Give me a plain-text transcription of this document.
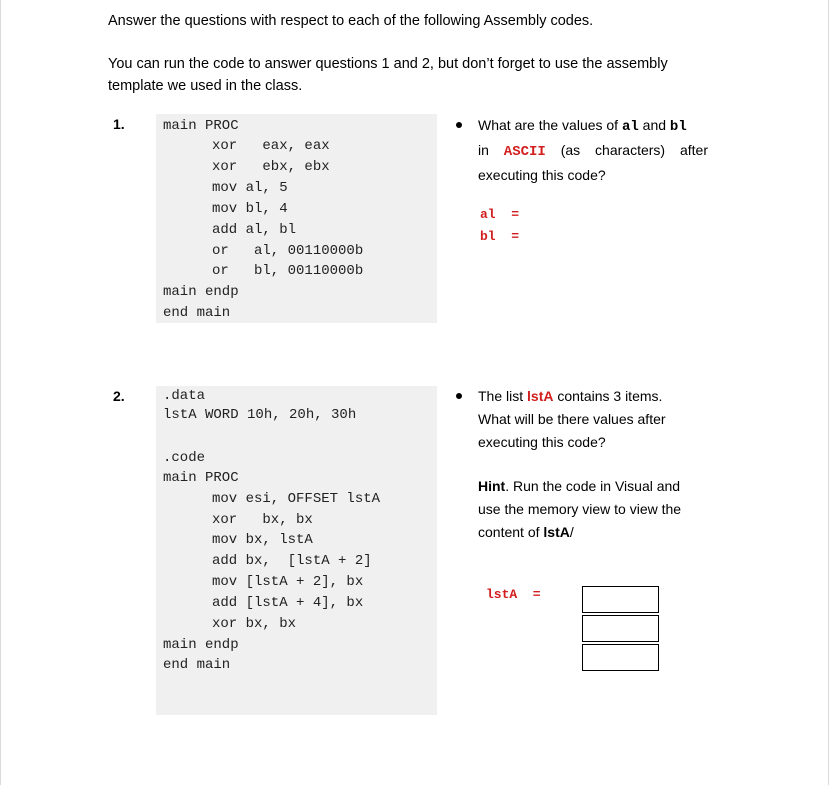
Answer the questions with respect to each of the following Assembly codes.
You can run the code to answer questions 1 and 2, but don’t forget to use the assembly template we used in the class.
1.	main PROC
xor   eax, eax
xor   ebx, ebx
mov al, 5
mov bl, 4
add al, bl
or   al, 00110000b
or   bl, 00110000b
main endp
end main
What are the values of al and bl
in ASCII (as characters) after executing this code?
al  =
bl  =
2.	.data
lstA WORD 10h, 20h, 30h
.code
main PROC
mov esi, OFFSET lstA
xor   bx, bx
mov bx, lstA
add bx,  [lstA + 2]
mov [lstA + 2], bx
add [lstA + 4], bx
xor bx, bx
main endp
end main
The list lstA contains 3 items. What will be there values after executing this code?
Hint. Run the code in Visual and use the memory view to view the content of lstA/
lstA  =
